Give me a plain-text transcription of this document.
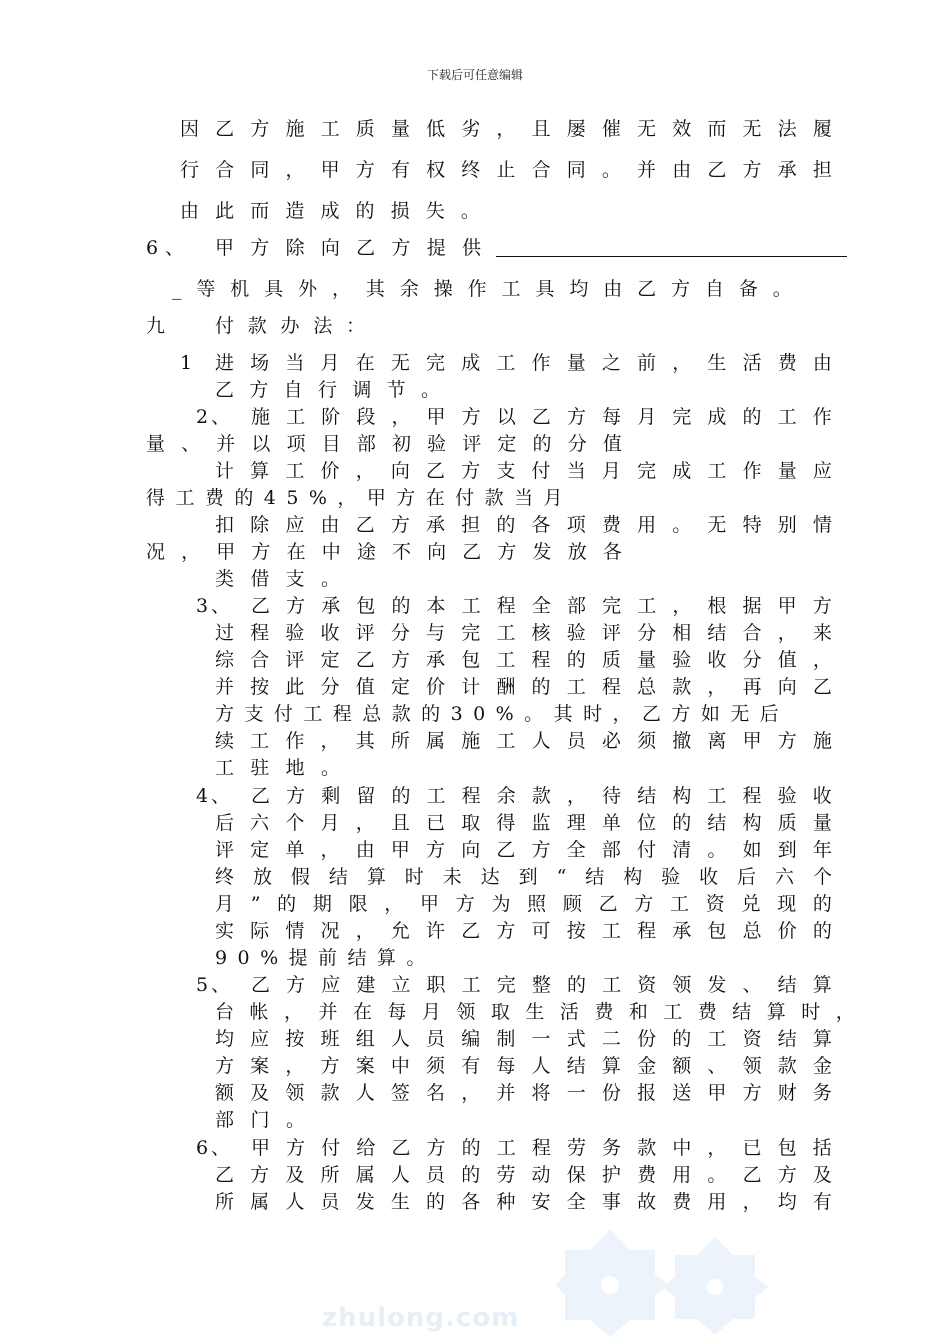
下载后可任意编辑
因 乙 方 施 工 质 量 低 劣 ， 且 屡 催 无 效 而 无 法 履
行 合 同 ， 甲 方 有 权 终 止 合 同 。 并 由 乙 方 承 担
由 此 而 造 成 的 损 失 。
6 、 甲 方 除 向 乙 方 提 供
_ 等 机 具 外 ， 其 余 操 作 工 具 均 由 乙 方 自 备 。
九 付 款 办 法 ：
1 进 场 当 月 在 无 完 成 工 作 量 之 前 ， 生 活 费 由
乙 方 自 行 调 节 。
2 、 施 工 阶 段 ， 甲 方 以 乙 方 每 月 完 成 的 工 作
量 、 并 以 项 目 部 初 验 评 定 的 分 值
计 算 工 价 ， 向 乙 方 支 付 当 月 完 成 工 作 量 应
得工费的45%，甲方在付款当月
扣 除 应 由 乙 方 承 担 的 各 项 费 用 。 无 特 别 情
况 ， 甲 方 在 中 途 不 向 乙 方 发 放 各
类 借 支 。
3 、 乙 方 承 包 的 本 工 程 全 部 完 工 ， 根 据 甲 方
过 程 验 收 评 分 与 完 工 核 验 评 分 相 结 合 ， 来
综 合 评 定 乙 方 承 包 工 程 的 质 量 验 收 分 值 ，
并 按 此 分 值 定 价 计 酬 的 工 程 总 款 ， 再 向 乙
方支付工程总款的30%。其时，乙方如无后
续 工 作 ， 其 所 属 施 工 人 员 必 须 撤 离 甲 方 施
工 驻 地 。
4 、 乙 方 剩 留 的 工 程 余 款 ， 待 结 构 工 程 验 收
后 六 个 月 ， 且 已 取 得 监 理 单 位 的 结 构 质 量
评 定 单 ， 由 甲 方 向 乙 方 全 部 付 清 。 如 到 年
终 放 假 结 算 时 未 达 到 “ 结 构 验 收 后 六 个
月 ” 的 期 限 ， 甲 方 为 照 顾 乙 方 工 资 兑 现 的
实 际 情 况 ， 允 许 乙 方 可 按 工 程 承 包 总 价 的
90%提前结算。
5 、 乙 方 应 建 立 职 工 完 整 的 工 资 领 发 、 结 算
台 帐 ， 并 在 每 月 领 取 生 活 费 和 工 费 结 算 时 ，
均 应 按 班 组 人 员 编 制 一 式 二 份 的 工 资 结 算
方 案 ， 方 案 中 须 有 每 人 结 算 金 额 、 领 款 金
额 及 领 款 人 签 名 ， 并 将 一 份 报 送 甲 方 财 务
部 门 。
6 、 甲 方 付 给 乙 方 的 工 程 劳 务 款 中 ， 已 包 括
乙 方 及 所 属 人 员 的 劳 动 保 护 费 用 。 乙 方 及
所 属 人 员 发 生 的 各 种 安 全 事 故 费 用 ， 均 有
zhulong.com
